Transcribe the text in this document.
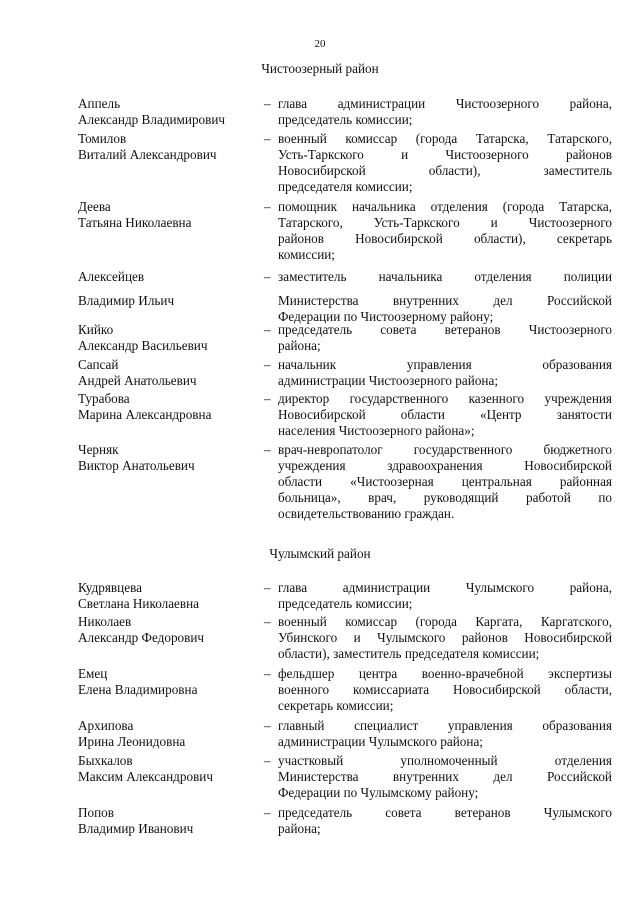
20
Чистоозерный район
Аппель
Александр Владимирович
– глава администрации Чистоозерного района,
председатель комиссии;
Томилов
Виталий Александрович
– военный комиссар (города Татарска, Татарского,
Усть-Таркского и Чистоозерного районов
Новосибирской области), заместитель
председателя комиссии;
Деева
Татьяна Николаевна
– помощник начальника отделения (города Татарска,
Татарского, Усть-Таркского и Чистоозерного
районов Новосибирской области), секретарь
комиссии;
Алексейцев
Владимир Ильич
– заместитель начальника отделения полиции
Министерства внутренних дел Российской
Федерации по Чистоозерному району;
Кийко
Александр Васильевич
– председатель совета ветеранов Чистоозерного
района;
Сапсай
Андрей Анатольевич
– начальник управления образования
администрации Чистоозерного района;
Турабова
Марина Александровна
– директор государственного казенного учреждения
Новосибирской области «Центр занятости
населения Чистоозерного района»;
Черняк
Виктор Анатольевич
– врач-невропатолог государственного бюджетного
учреждения здравоохранения Новосибирской
области «Чистоозерная центральная районная
больница», врач, руководящий работой по
освидетельствованию граждан.
Чулымский район
Кудрявцева
Светлана Николаевна
– глава администрации Чулымского района,
председатель комиссии;
Николаев
Александр Федорович
– военный комиссар (города Каргата, Каргатского,
Убинского и Чулымского районов Новосибирской
области), заместитель председателя комиссии;
Емец
Елена Владимировна
– фельдшер центра военно-врачебной экспертизы
военного комиссариата Новосибирской области,
секретарь комиссии;
Архипова
Ирина Леонидовна
– главный специалист управления образования
администрации Чулымского района;
Быхкалов
Максим Александрович
– участковый уполномоченный отделения
Министерства внутренних дел Российской
Федерации по Чулымскому району;
Попов
Владимир Иванович
– председатель совета ветеранов Чулымского
района;
